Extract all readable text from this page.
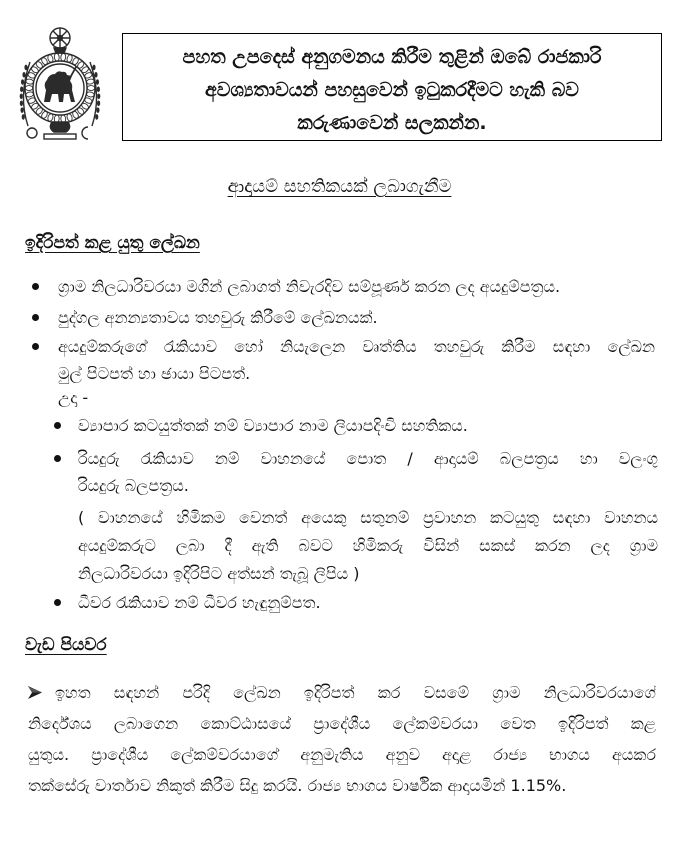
පහත උපදෙස් අනුගමනය කිරීම තුළින් ඔබේ රාජකාරි
අවශ්‍යතාවයන් පහසුවෙන් ඉටුකරදීමට හැකි බව
කරුණාවෙන් සලකන්න.
ආදායම් සහතිකයක් ලබාගැනීම
ඉදිරිපත් කළ යුතු ලේඛන
ග්‍රාම නිලධාරිවරයා මගින් ලබාගත් නිවැරදිව සම්පූර්ණ කරන ලද අයදුම්පත්‍රය.
පුද්ගල අනන්‍යතාවය තහවුරු කිරීමේ ලේඛනයක්.
අයදුම්කරුගේ රැකියාව හෝ නියැලෙන වෘත්තිය තහවුරු කිරීම සඳහා ලේඛන
මුල් පිටපත් හා ඡායා පිටපත්.
උදා -
ව්‍යාපාර කටයුත්තක් නම් ව්‍යාපාර නාම ලියාපදිංචි සහතිකය.
රියදුරු රැකියාව නම් වාහනයේ පොත / ආදායම් බලපත්‍රය හා වලංගු
රියදුරු බලපත්‍රය.
( වාහනයේ හිමිකම වෙනත් අයෙකු සතුනම් ප්‍රවාහන කටයුතු සඳහා වාහනය
අයදුම්කරුට ලබා දී ඇති බවට හිමිකරු විසින් සකස් කරන ලද ග්‍රාම
නිලධාරිවරයා ඉදිරිපිට අත්සන් තැබූ ලිපිය )
ධීවර රැකියාව නම් ධීවර හැඳුනුම්පත.
වැඩ පියවර
ඉහත සඳහන් පරිදි ලේඛන ඉදිරිපත් කර වසමේ ග්‍රාම නිලධාරිවරයාගේ
නිර්දේශය ලබාගෙන කොට්ඨාසයේ ප්‍රාදේශීය ලේකම්වරයා වෙත ඉදිරිපත් කළ
යුතුය. ප්‍රාදේශීය ලේකම්වරයාගේ අනුමැතිය අනුව අදාළ රාජ්‍ය භාගය අයකර
තක්සේරු වාර්තාව නිකුත් කිරීම සිදු කරයි. රාජ්‍ය භාගය වාර්ෂික ආදායමින් 1.15%.
